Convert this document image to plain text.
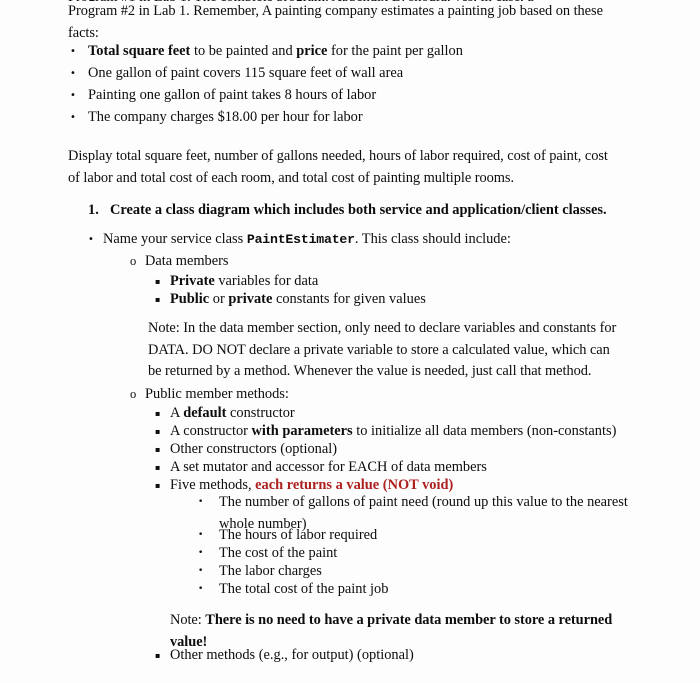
Program #2 in Lab 1. Remember, A painting company estimates a painting job based on these
facts:
• Total square feet to be painted and price for the paint per gallon
• One gallon of paint covers 115 square feet of wall area
• Painting one gallon of paint takes 8 hours of labor
• The company charges $18.00 per hour for labor
Display total square feet, number of gallons needed, hours of labor required, cost of paint, cost
of labor and total cost of each room, and total cost of painting multiple rooms.
1. Create a class diagram which includes both service and application/client classes.
• Name your service class PaintEstimater. This class should include:
o Data members
▪ Private variables for data
▪ Public or private constants for given values
Note: In the data member section, only need to declare variables and constants for
DATA. DO NOT declare a private variable to store a calculated value, which can
be returned by a method. Whenever the value is needed, just call that method.
o Public member methods:
▪ A default constructor
▪ A constructor with parameters to initialize all data members (non-constants)
▪ Other constructors (optional)
▪ A set mutator and accessor for EACH of data members
▪ Five methods, each returns a value (NOT void)
• The number of gallons of paint need (round up this value to the nearest
whole number)
• The hours of labor required
• The cost of the paint
• The labor charges
• The total cost of the paint job
Note: There is no need to have a private data member to store a returned
value!
▪ Other methods (e.g., for output) (optional)
